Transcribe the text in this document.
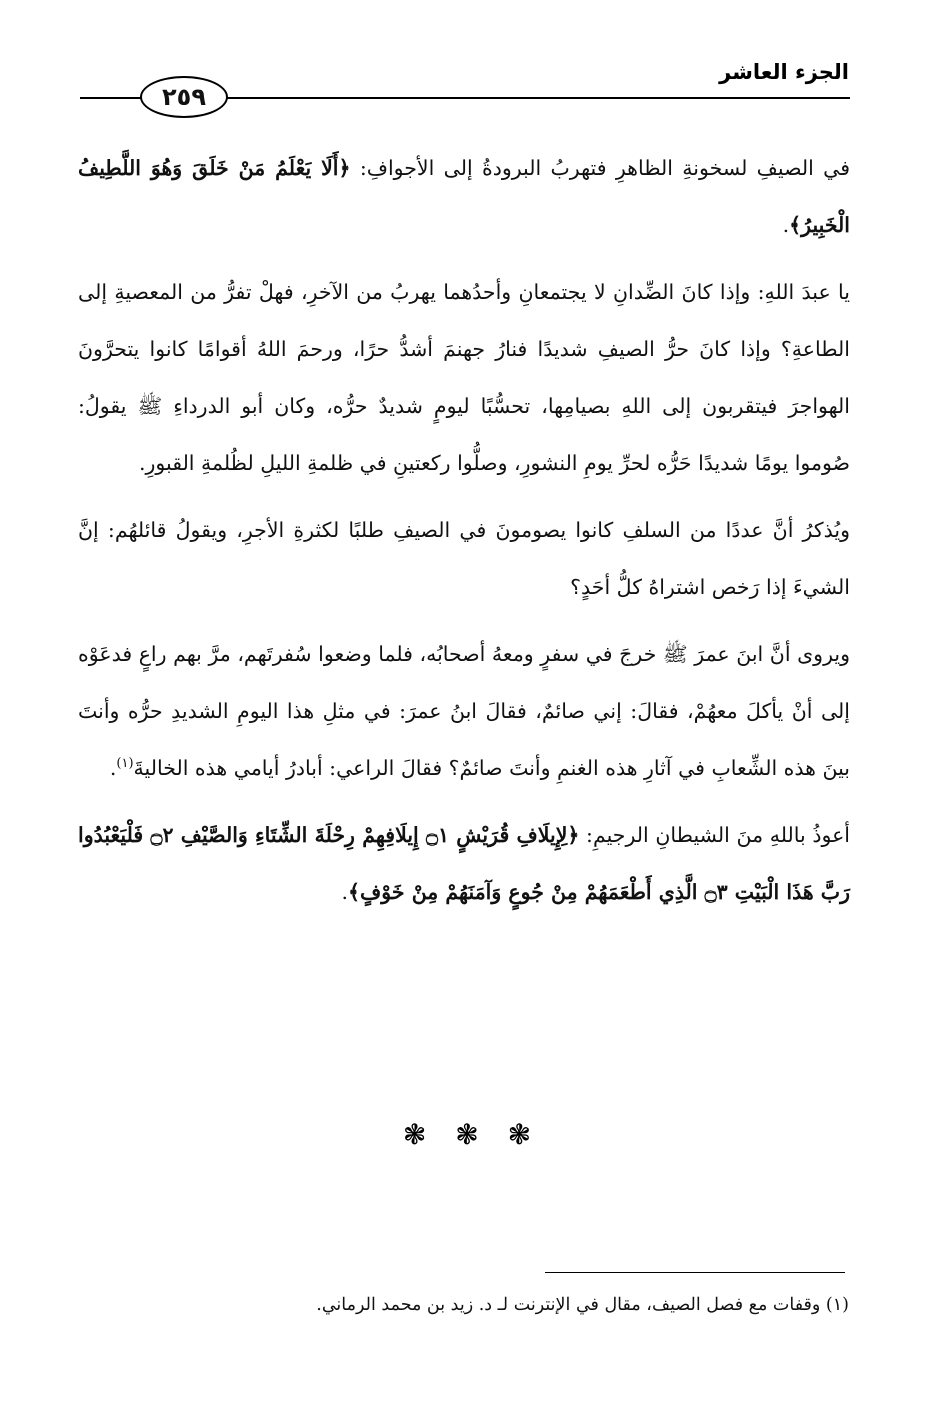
الجزء العاشر
٢٥٩

في الصيفِ لسخونةِ الظاهرِ فتهربُ البرودةُ إلى الأجوافِ: ﴿أَلَا يَعْلَمُ مَنْ خَلَقَ وَهُوَ اللَّطِيفُ الْخَبِيرُ﴾.

يا عبدَ اللهِ: وإذا كانَ الضِّدانِ لا يجتمعانِ وأحدُهما يهربُ من الآخرِ، فهلْ تفرُّ من المعصيةِ إلى الطاعةِ؟ وإذا كانَ حرُّ الصيفِ شديدًا فنارُ جهنمَ أشدُّ حرًا، ورحمَ اللهُ أقوامًا كانوا يتحرَّونَ الهواجرَ فيتقربون إلى اللهِ بصيامِها، تحسُّبًا ليومٍ شديدٌ حرُّه، وكان أبو الدرداءِ ﷺ يقولُ: صُوموا يومًا شديدًا حَرُّه لحرِّ يومِ النشورِ، وصلُّوا ركعتينِ في ظلمةِ الليلِ لظُلمةِ القبورِ.

ويُذكرُ أنَّ عددًا من السلفِ كانوا يصومونَ في الصيفِ طلبًا لكثرةِ الأجرِ، ويقولُ قائلهُم: إنَّ الشيءَ إذا رَخص اشتراهُ كلُّ أحَدٍ؟

ويروى أنَّ ابنَ عمرَ ﷺ خرجَ في سفرٍ ومعهُ أصحابُه، فلما وضعوا سُفرتَهم، مرَّ بهم راعٍ فدعَوْه إلى أنْ يأكلَ معهُمْ، فقالَ: إني صائمٌ، فقالَ ابنُ عمرَ: في مثلِ هذا اليومِ الشديدِ حرُّه وأنتَ بينَ هذه الشِّعابِ في آثارِ هذه الغنمِ وأنتَ صائمٌ؟ فقالَ الراعي: أبادرُ أيامي هذه الخاليةَ$^{(١)}$.

أعوذُ باللهِ منَ الشيطانِ الرجيمِ: ﴿لِإِيلَافِ قُرَيْشٍ ۝١ إِيلَافِهِمْ رِحْلَةَ الشِّتَاءِ وَالصَّيْفِ ۝٢ فَلْيَعْبُدُوا رَبَّ هَذَا الْبَيْتِ ۝٣ الَّذِي أَطْعَمَهُمْ مِنْ جُوعٍ وَآمَنَهُمْ مِنْ خَوْفٍ﴾.

❃ ❃ ❃
(١) وقفات مع فصل الصيف، مقال في الإنترنت لـ د. زيد بن محمد الرماني.
